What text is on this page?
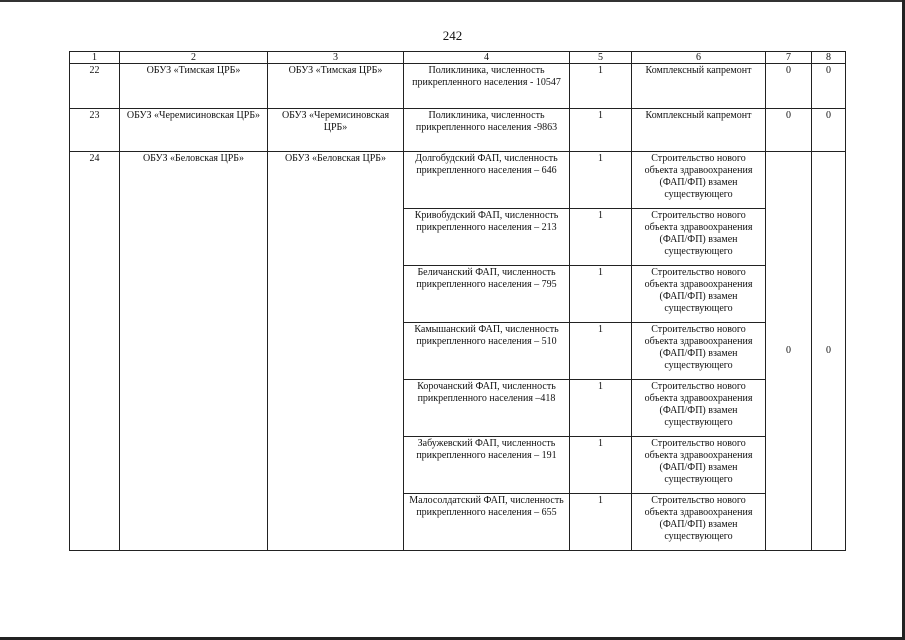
242
1	2	3	4	5	6	7	8
22	ОБУЗ «Тимская ЦРБ»	ОБУЗ «Тимская ЦРБ»	Поликлиника, численность прикрепленного населения - 10547	1	Комплексный капремонт	0	0
23	ОБУЗ «Черемисиновская ЦРБ»	ОБУЗ «Черемисиновская ЦРБ»	Поликлиника, численность прикрепленного населения -9863	1	Комплексный капремонт	0	0
24	ОБУЗ «Беловская ЦРБ»	ОБУЗ «Беловская ЦРБ»	Долгобудский ФАП, численность прикрепленного населения – 646	1	Строительство нового объекта здравоохранения (ФАП/ФП) взамен существующего	0	0
			Кривобудский ФАП, численность прикрепленного населения – 213	1	Строительство нового объекта здравоохранения (ФАП/ФП) взамен существующего		
			Беличанский ФАП, численность прикрепленного населения – 795	1	Строительство нового объекта здравоохранения (ФАП/ФП) взамен существующего		
			Камышанский ФАП, численность прикрепленного населения – 510	1	Строительство нового объекта здравоохранения (ФАП/ФП) взамен существующего		
			Корочанский ФАП, численность прикрепленного населения –418	1	Строительство нового объекта здравоохранения (ФАП/ФП) взамен существующего		
			Забужевский ФАП, численность прикрепленного населения – 191	1	Строительство нового объекта здравоохранения (ФАП/ФП) взамен существующего		
			Малосолдатский ФАП, численность прикрепленного населения – 655	1	Строительство нового объекта здравоохранения (ФАП/ФП) взамен существующего		
